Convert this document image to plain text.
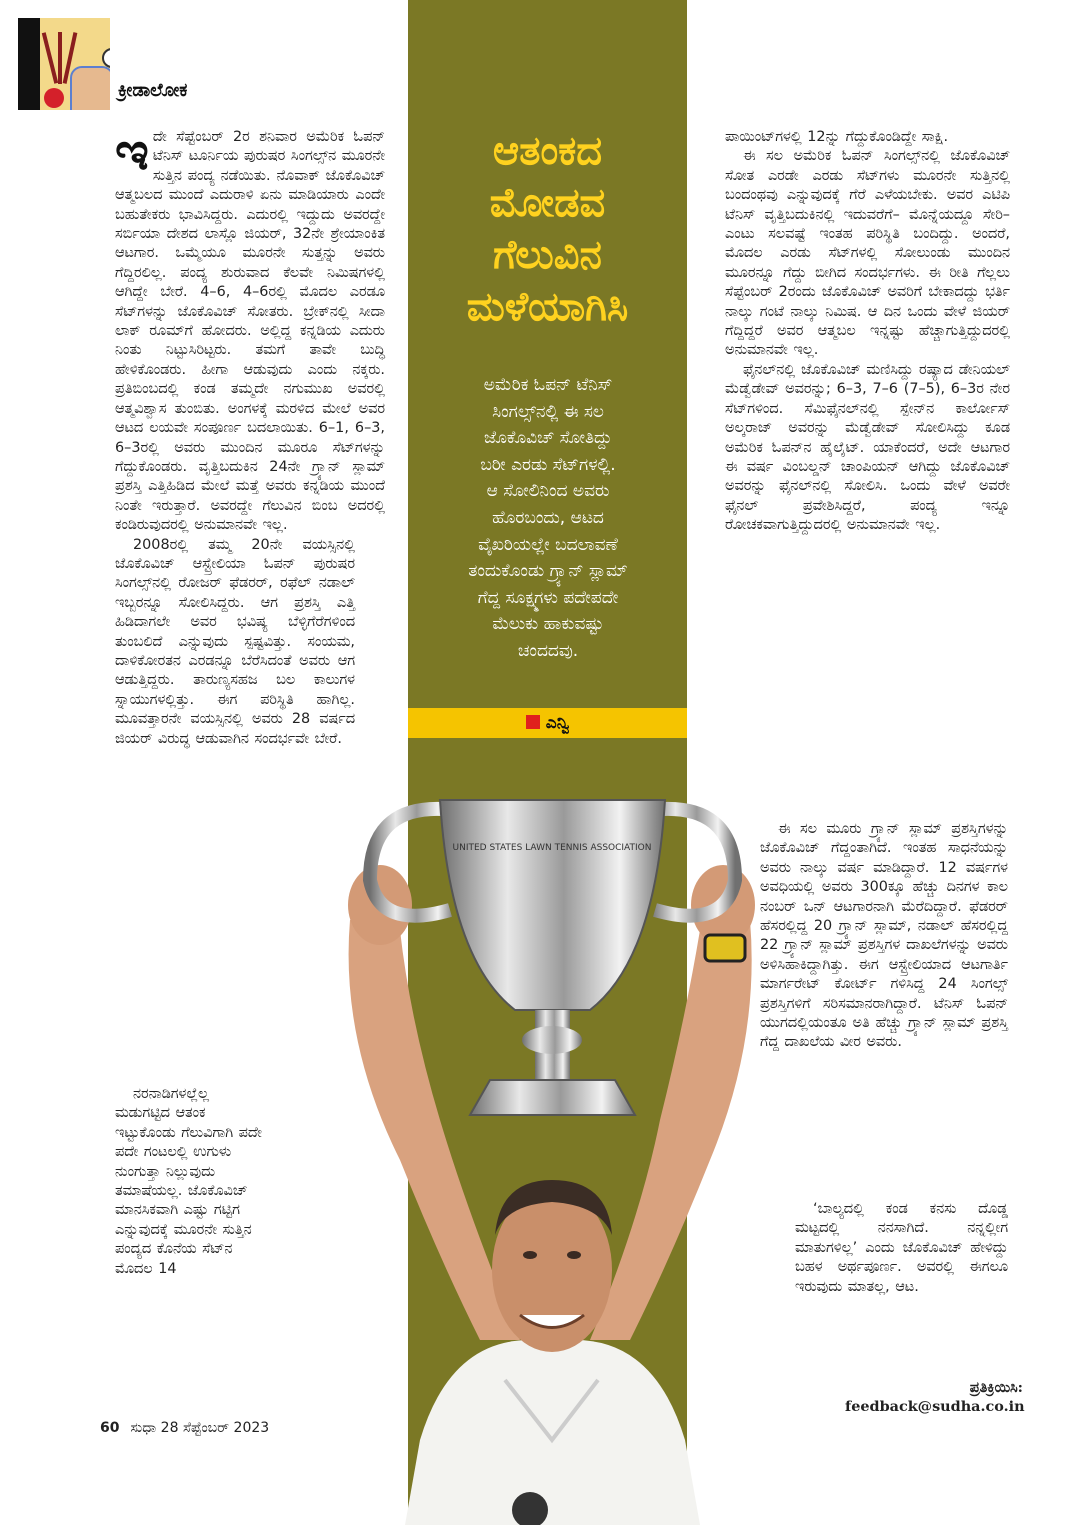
ಕ್ರೀಡಾಲೋಕ

ಇದೇ ಸೆಪ್ಟೆಂಬರ್ 2ರ ಶನಿವಾರ ಅಮೆರಿಕ ಓಪನ್ ಟೆನಿಸ್ ಟೂರ್ನಿಯ ಪುರುಷರ ಸಿಂಗಲ್ಸ್‌ನ ಮೂರನೇ ಸುತ್ತಿನ ಪಂದ್ಯ ನಡೆಯಿತು. ನೊವಾಕ್ ಜೊಕೊವಿಚ್ ಆತ್ಮಬಲದ ಮುಂದೆ ಎದುರಾಳಿ ಏನು ಮಾಡಿಯಾರು ಎಂದೇ ಬಹುತೇಕರು ಭಾವಿಸಿದ್ದರು. ಎದುರಲ್ಲಿ ಇದ್ದುದು ಅವರದ್ದೇ ಸರ್ಬಿಯಾ ದೇಶದ ಲಾಸ್ಲೊ ಜಿಯರ್, 32ನೇ ಶ್ರೇಯಾಂಕಿತ ಆಟಗಾರ. ಒಮ್ಮೆಯೂ ಮೂರನೇ ಸುತ್ತನ್ನು ಅವರು ಗೆದ್ದಿರಲಿಲ್ಲ. ಪಂದ್ಯ ಶುರುವಾದ ಕೆಲವೇ ನಿಮಿಷಗಳಲ್ಲಿ ಆಗಿದ್ದೇ ಬೇರೆ. 4–6, 4–6ರಲ್ಲಿ ಮೊದಲ ಎರಡೂ ಸೆಟ್‌ಗಳನ್ನು ಜೊಕೊವಿಚ್ ಸೋತರು. ಬ್ರೇಕ್‌ನಲ್ಲಿ ಸೀದಾ ಲಾಕ್ ರೂಮ್‌ಗೆ ಹೋದರು. ಅಲ್ಲಿದ್ದ ಕನ್ನಡಿಯ ಎದುರು ನಿಂತು ನಿಟ್ಟುಸಿರಿಟ್ಟರು. ತಮಗೆ ತಾವೇ ಬುದ್ಧಿ ಹೇಳಿಕೊಂಡರು. ಹೀಗಾ ಆಡುವುದು ಎಂದು ನಕ್ಕರು. ಪ್ರತಿಬಿಂಬದಲ್ಲಿ ಕಂಡ ತಮ್ಮದೇ ನಗುಮುಖ ಅವರಲ್ಲಿ ಆತ್ಮವಿಶ್ವಾಸ ತುಂಬಿತು. ಅಂಗಳಕ್ಕೆ ಮರಳಿದ ಮೇಲೆ ಅವರ ಆಟದ ಲಯವೇ ಸಂಪೂರ್ಣ ಬದಲಾಯಿತು. 6–1, 6–3, 6–3ರಲ್ಲಿ ಅವರು ಮುಂದಿನ ಮೂರೂ ಸೆಟ್‌ಗಳನ್ನು ಗೆದ್ದುಕೊಂಡರು. ವೃತ್ತಿಬದುಕಿನ 24ನೇ ಗ್ರ್ಯಾನ್ ಸ್ಲಾಮ್ ಪ್ರಶಸ್ತಿ ಎತ್ತಿಹಿಡಿದ ಮೇಲೆ ಮತ್ತೆ ಅವರು ಕನ್ನಡಿಯ ಮುಂದೆ ನಿಂತೇ ಇರುತ್ತಾರೆ. ಅವರದ್ದೇ ಗೆಲುವಿನ ಬಿಂಬ ಅದರಲ್ಲಿ ಕಂಡಿರುವುದರಲ್ಲಿ ಅನುಮಾನವೇ ಇಲ್ಲ.

2008ರಲ್ಲಿ ತಮ್ಮ 20ನೇ ವಯಸ್ಸಿನಲ್ಲಿ ಜೊಕೊವಿಚ್ ಆಸ್ಟ್ರೇಲಿಯಾ ಓಪನ್ ಪುರುಷರ ಸಿಂಗಲ್ಸ್‌ನಲ್ಲಿ ರೋಜರ್ ಫೆಡರರ್, ರಫೆಲ್ ನಡಾಲ್ ಇಬ್ಬರನ್ನೂ ಸೋಲಿಸಿದ್ದರು. ಆಗ ಪ್ರಶಸ್ತಿ ಎತ್ತಿ ಹಿಡಿದಾಗಲೇ ಅವರ ಭವಿಷ್ಯ ಬೆಳ್ಳಿಗೆರೆಗಳಿಂದ ತುಂಬಲಿದೆ ಎನ್ನುವುದು ಸ್ಪಷ್ಟವಿತ್ತು. ಸಂಯಮ, ದಾಳಿಕೋರತನ ಎರಡನ್ನೂ ಬೆರೆಸಿದಂತೆ ಅವರು ಆಗ ಆಡುತ್ತಿದ್ದರು. ತಾರುಣ್ಯಸಹಜ ಬಲ ಕಾಲುಗಳ ಸ್ನಾಯುಗಳಲ್ಲಿತ್ತು. ಈಗ ಪರಿಸ್ಥಿತಿ ಹಾಗಿಲ್ಲ. ಮೂವತ್ತಾರನೇ ವಯಸ್ಸಿನಲ್ಲಿ ಅವರು 28 ವರ್ಷದ ಜಿಯರ್ ವಿರುದ್ಧ ಆಡುವಾಗಿನ ಸಂದರ್ಭವೇ ಬೇರೆ.

ನರನಾಡಿಗಳಲ್ಲೆಲ್ಲ ಮಡುಗಟ್ಟಿದ ಆತಂಕ ಇಟ್ಟುಕೊಂಡು ಗೆಲುವಿಗಾಗಿ ಪದೇ ಪದೇ ಗಂಟಲಲ್ಲಿ ಉಗುಳು ನುಂಗುತ್ತಾ ನಿಲ್ಲುವುದು ತಮಾಷೆಯಲ್ಲ. ಜೊಕೊವಿಚ್ ಮಾನಸಿಕವಾಗಿ ಎಷ್ಟು ಗಟ್ಟಿಗ ಎನ್ನುವುದಕ್ಕೆ ಮೂರನೇ ಸುತ್ತಿನ ಪಂದ್ಯದ ಕೊನೆಯ ಸೆಟ್‌ನ ಮೊದಲ 14

ಆತಂಕದ
ಮೋಡವ
ಗೆಲುವಿನ
ಮಳೆಯಾಗಿಸಿ
ಅಮೆರಿಕ ಓಪನ್ ಟೆನಿಸ್
ಸಿಂಗಲ್ಸ್‌ನಲ್ಲಿ ಈ ಸಲ
ಜೊಕೊವಿಚ್ ಸೋತಿದ್ದು
ಬರೀ ಎರಡು ಸೆಟ್‌ಗಳಲ್ಲಿ.
ಆ ಸೋಲಿನಿಂದ ಅವರು
ಹೊರಬಂದು, ಆಟದ
ವೈಖರಿಯಲ್ಲೇ ಬದಲಾವಣೆ
ತಂದುಕೊಂಡು ಗ್ರ್ಯಾನ್ ಸ್ಲಾಮ್
ಗೆದ್ದ ಸೂಕ್ಷ್ಮಗಳು ಪದೇಪದೇ
ಮೆಲುಕು ಹಾಕುವಷ್ಟು
ಚಂದದವು.
ಎನ್ವಿ
UNITED STATES LAWN TENNIS ASSOCIATION

ಪಾಯಿಂಟ್‌ಗಳಲ್ಲಿ 12ನ್ನು ಗೆದ್ದುಕೊಂಡಿದ್ದೇ ಸಾಕ್ಷಿ.

ಈ ಸಲ ಅಮೆರಿಕ ಓಪನ್ ಸಿಂಗಲ್ಸ್‌ನಲ್ಲಿ ಜೊಕೊವಿಚ್ ಸೋತ ಎರಡೇ ಎರಡು ಸೆಟ್‌ಗಳು ಮೂರನೇ ಸುತ್ತಿನಲ್ಲಿ ಬಂದಂಥವು ಎನ್ನುವುದಕ್ಕೆ ಗೆರೆ ಎಳೆಯಬೇಕು. ಅವರ ಎಟಿಪಿ ಟೆನಿಸ್ ವೃತ್ತಿಬದುಕಿನಲ್ಲಿ ಇದುವರೆಗೆ– ಮೊನ್ನೆಯದ್ದೂ ಸೇರಿ– ಎಂಟು ಸಲವಷ್ಟೆ ಇಂತಹ ಪರಿಸ್ಥಿತಿ ಬಂದಿದ್ದು. ಅಂದರೆ, ಮೊದಲ ಎರಡು ಸೆಟ್‌ಗಳಲ್ಲಿ ಸೋಲುಂಡು ಮುಂದಿನ ಮೂರನ್ನೂ ಗೆದ್ದು ಬೀಗಿದ ಸಂದರ್ಭಗಳು. ಈ ರೀತಿ ಗೆಲ್ಲಲು ಸೆಪ್ಟೆಂಬರ್ 2ರಂದು ಜೊಕೊವಿಚ್ ಅವರಿಗೆ ಬೇಕಾದದ್ದು ಭರ್ತಿ ನಾಲ್ಕು ಗಂಟೆ ನಾಲ್ಕು ನಿಮಿಷ. ಆ ದಿನ ಒಂದು ವೇಳೆ ಜಿಯರ್ ಗೆದ್ದಿದ್ದರೆ ಅವರ ಆತ್ಮಬಲ ಇನ್ನಷ್ಟು ಹೆಚ್ಚಾಗುತ್ತಿದ್ದುದರಲ್ಲಿ ಅನುಮಾನವೇ ಇಲ್ಲ.

ಫೈನಲ್‌ನಲ್ಲಿ ಜೊಕೊವಿಚ್ ಮಣಿಸಿದ್ದು ರಷ್ಯಾದ ಡೇನಿಯಲ್ ಮೆಡ್ವೆಡೇವ್ ಅವರನ್ನು; 6–3, 7–6 (7–5), 6–3ರ ನೇರ ಸೆಟ್‌ಗಳಿಂದ. ಸೆಮಿಫೈನಲ್‌ನಲ್ಲಿ ಸ್ಪೇನ್‌ನ ಕಾರ್ಲೋಸ್ ಅಲ್ಕರಾಜ್ ಅವರನ್ನು ಮೆಡ್ವೆಡೇವ್ ಸೋಲಿಸಿದ್ದು ಕೂಡ ಅಮೆರಿಕ ಓಪನ್‌ನ ಹೈಲೈಟ್. ಯಾಕೆಂದರೆ, ಅದೇ ಆಟಗಾರ ಈ ವರ್ಷ ವಿಂಬಲ್ಡನ್ ಚಾಂಪಿಯನ್ ಆಗಿದ್ದು ಜೊಕೊವಿಚ್ ಅವರನ್ನು ಫೈನಲ್‌ನಲ್ಲಿ ಸೋಲಿಸಿ. ಒಂದು ವೇಳೆ ಅವರೇ ಫೈನಲ್ ಪ್ರವೇಶಿಸಿದ್ದರೆ, ಪಂದ್ಯ ಇನ್ನೂ ರೋಚಕವಾಗುತ್ತಿದ್ದುದರಲ್ಲಿ ಅನುಮಾನವೇ ಇಲ್ಲ.

ಈ ಸಲ ಮೂರು ಗ್ರ್ಯಾನ್ ಸ್ಲಾಮ್ ಪ್ರಶಸ್ತಿಗಳನ್ನು ಜೊಕೊವಿಚ್ ಗೆದ್ದಂತಾಗಿದೆ. ಇಂತಹ ಸಾಧನೆಯನ್ನು ಅವರು ನಾಲ್ಕು ವರ್ಷ ಮಾಡಿದ್ದಾರೆ. 12 ವರ್ಷಗಳ ಅವಧಿಯಲ್ಲಿ ಅವರು 300ಕ್ಕೂ ಹೆಚ್ಚು ದಿನಗಳ ಕಾಲ ನಂಬರ್ ಒನ್ ಆಟಗಾರನಾಗಿ ಮೆರೆದಿದ್ದಾರೆ. ಫೆಡರರ್ ಹೆಸರಲ್ಲಿದ್ದ 20 ಗ್ರ್ಯಾನ್ ಸ್ಲಾಮ್, ನಡಾಲ್ ಹೆಸರಲ್ಲಿದ್ದ 22 ಗ್ರ್ಯಾನ್ ಸ್ಲಾಮ್ ಪ್ರಶಸ್ತಿಗಳ ದಾಖಲೆಗಳನ್ನು ಅವರು ಅಳಿಸಿಹಾಕಿದ್ದಾಗಿತ್ತು. ಈಗ ಆಸ್ಟ್ರೇಲಿಯಾದ ಆಟಗಾರ್ತಿ ಮಾರ್ಗರೇಟ್ ಕೋರ್ಟ್ ಗಳಿಸಿದ್ದ 24 ಸಿಂಗಲ್ಸ್ ಪ್ರಶಸ್ತಿಗಳಿಗೆ ಸರಿಸಮಾನರಾಗಿದ್ದಾರೆ. ಟೆನಿಸ್ ಓಪನ್ ಯುಗದಲ್ಲಿಯಂತೂ ಅತಿ ಹೆಚ್ಚು ಗ್ರ್ಯಾನ್ ಸ್ಲಾಮ್ ಪ್ರಶಸ್ತಿ ಗೆದ್ದ ದಾಖಲೆಯ ವೀರ ಅವರು.

‘ಬಾಲ್ಯದಲ್ಲಿ ಕಂಡ ಕನಸು ದೊಡ್ಡ ಮಟ್ಟದಲ್ಲಿ ನನಸಾಗಿದೆ. ನನ್ನಲ್ಲೀಗ ಮಾತುಗಳಿಲ್ಲ’ ಎಂದು ಜೊಕೊವಿಚ್ ಹೇಳಿದ್ದು ಬಹಳ ಅರ್ಥಪೂರ್ಣ. ಅವರಲ್ಲಿ ಈಗಲೂ ಇರುವುದು ಮಾತಲ್ಲ, ಆಟ.

ಪ್ರತಿಕ್ರಿಯಿಸಿ:
feedback@sudha.co.in
60 ಸುಧಾ 28 ಸೆಪ್ಟೆಂಬರ್ 2023
